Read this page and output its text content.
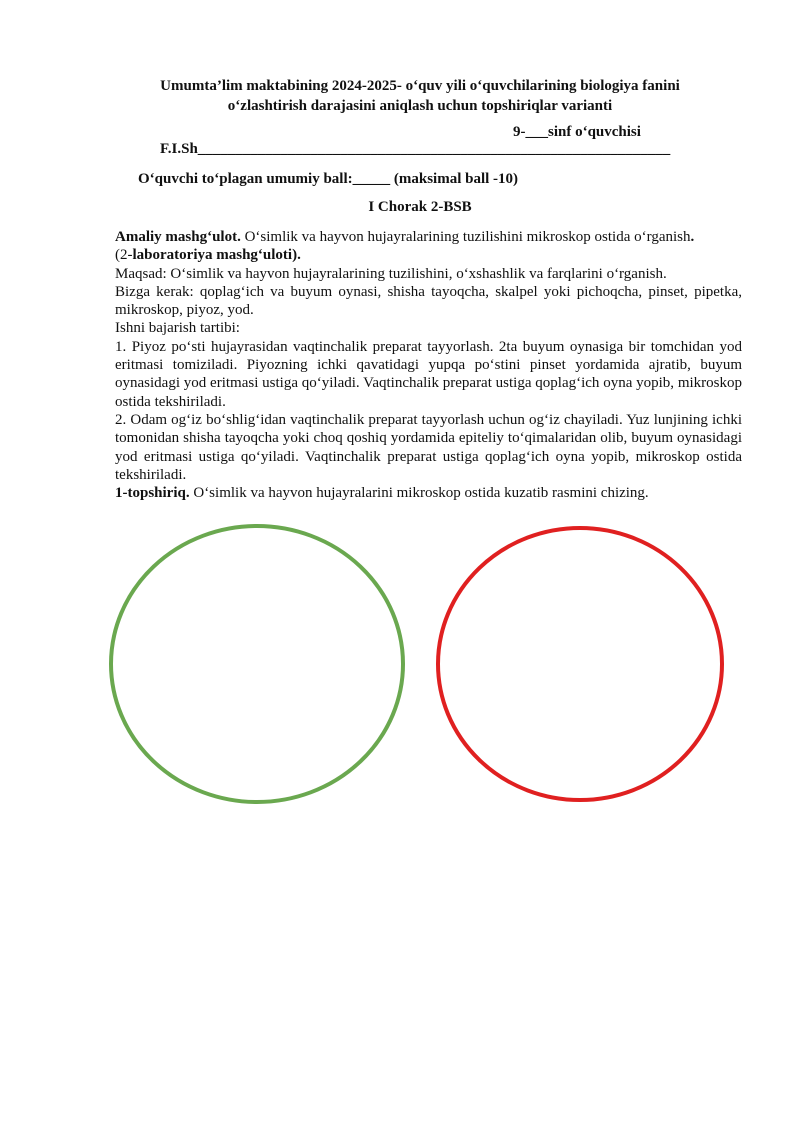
Umumta’lim maktabining 2024-2025- o‘quv yili o‘quvchilarining biologiya fanini
o‘zlashtirish darajasini aniqlash uchun topshiriqlar varianti
9-___sinf o‘quvchisi
F.I.Sh_______________________________________________________________
O‘quvchi to‘plagan umumiy ball:_____ (maksimal ball -10)
I Chorak 2-BSB

Amaliy mashg‘ulot. O‘simlik va hayvon hujayralarining tuzilishini mikroskop ostida o‘rganish.

(2-laboratoriya mashg‘uloti).

Maqsad: O‘simlik va hayvon hujayralarining tuzilishini, o‘xshashlik va farqlarini o‘rganish.

Bizga kerak: qoplag‘ich va buyum oynasi, shisha tayoqcha, skalpel yoki pichoqcha, pinset, pipetka, mikroskop, piyoz, yod.

Ishni bajarish tartibi:

1. Piyoz po‘sti hujayrasidan vaqtinchalik preparat tayyorlash. 2ta buyum oynasiga bir tomchidan yod eritmasi tomiziladi. Piyozning ichki qavatidagi yupqa po‘stini pinset yordamida ajratib, buyum oynasidagi yod eritmasi ustiga qo‘yiladi. Vaqtinchalik preparat ustiga qoplag‘ich oyna yopib, mikroskop ostida tekshiriladi.

2. Odam og‘iz bo‘shlig‘idan vaqtinchalik preparat tayyorlash uchun og‘iz chayiladi. Yuz lunjining ichki tomonidan shisha tayoqcha yoki choq qoshiq yordamida epiteliy to‘qimalaridan olib, buyum oynasidagi yod eritmasi ustiga qo‘yiladi. Vaqtinchalik preparat ustiga qoplag‘ich oyna yopib, mikroskop ostida tekshiriladi.

1-topshiriq. O‘simlik va hayvon hujayralarini mikroskop ostida kuzatib rasmini chizing.
